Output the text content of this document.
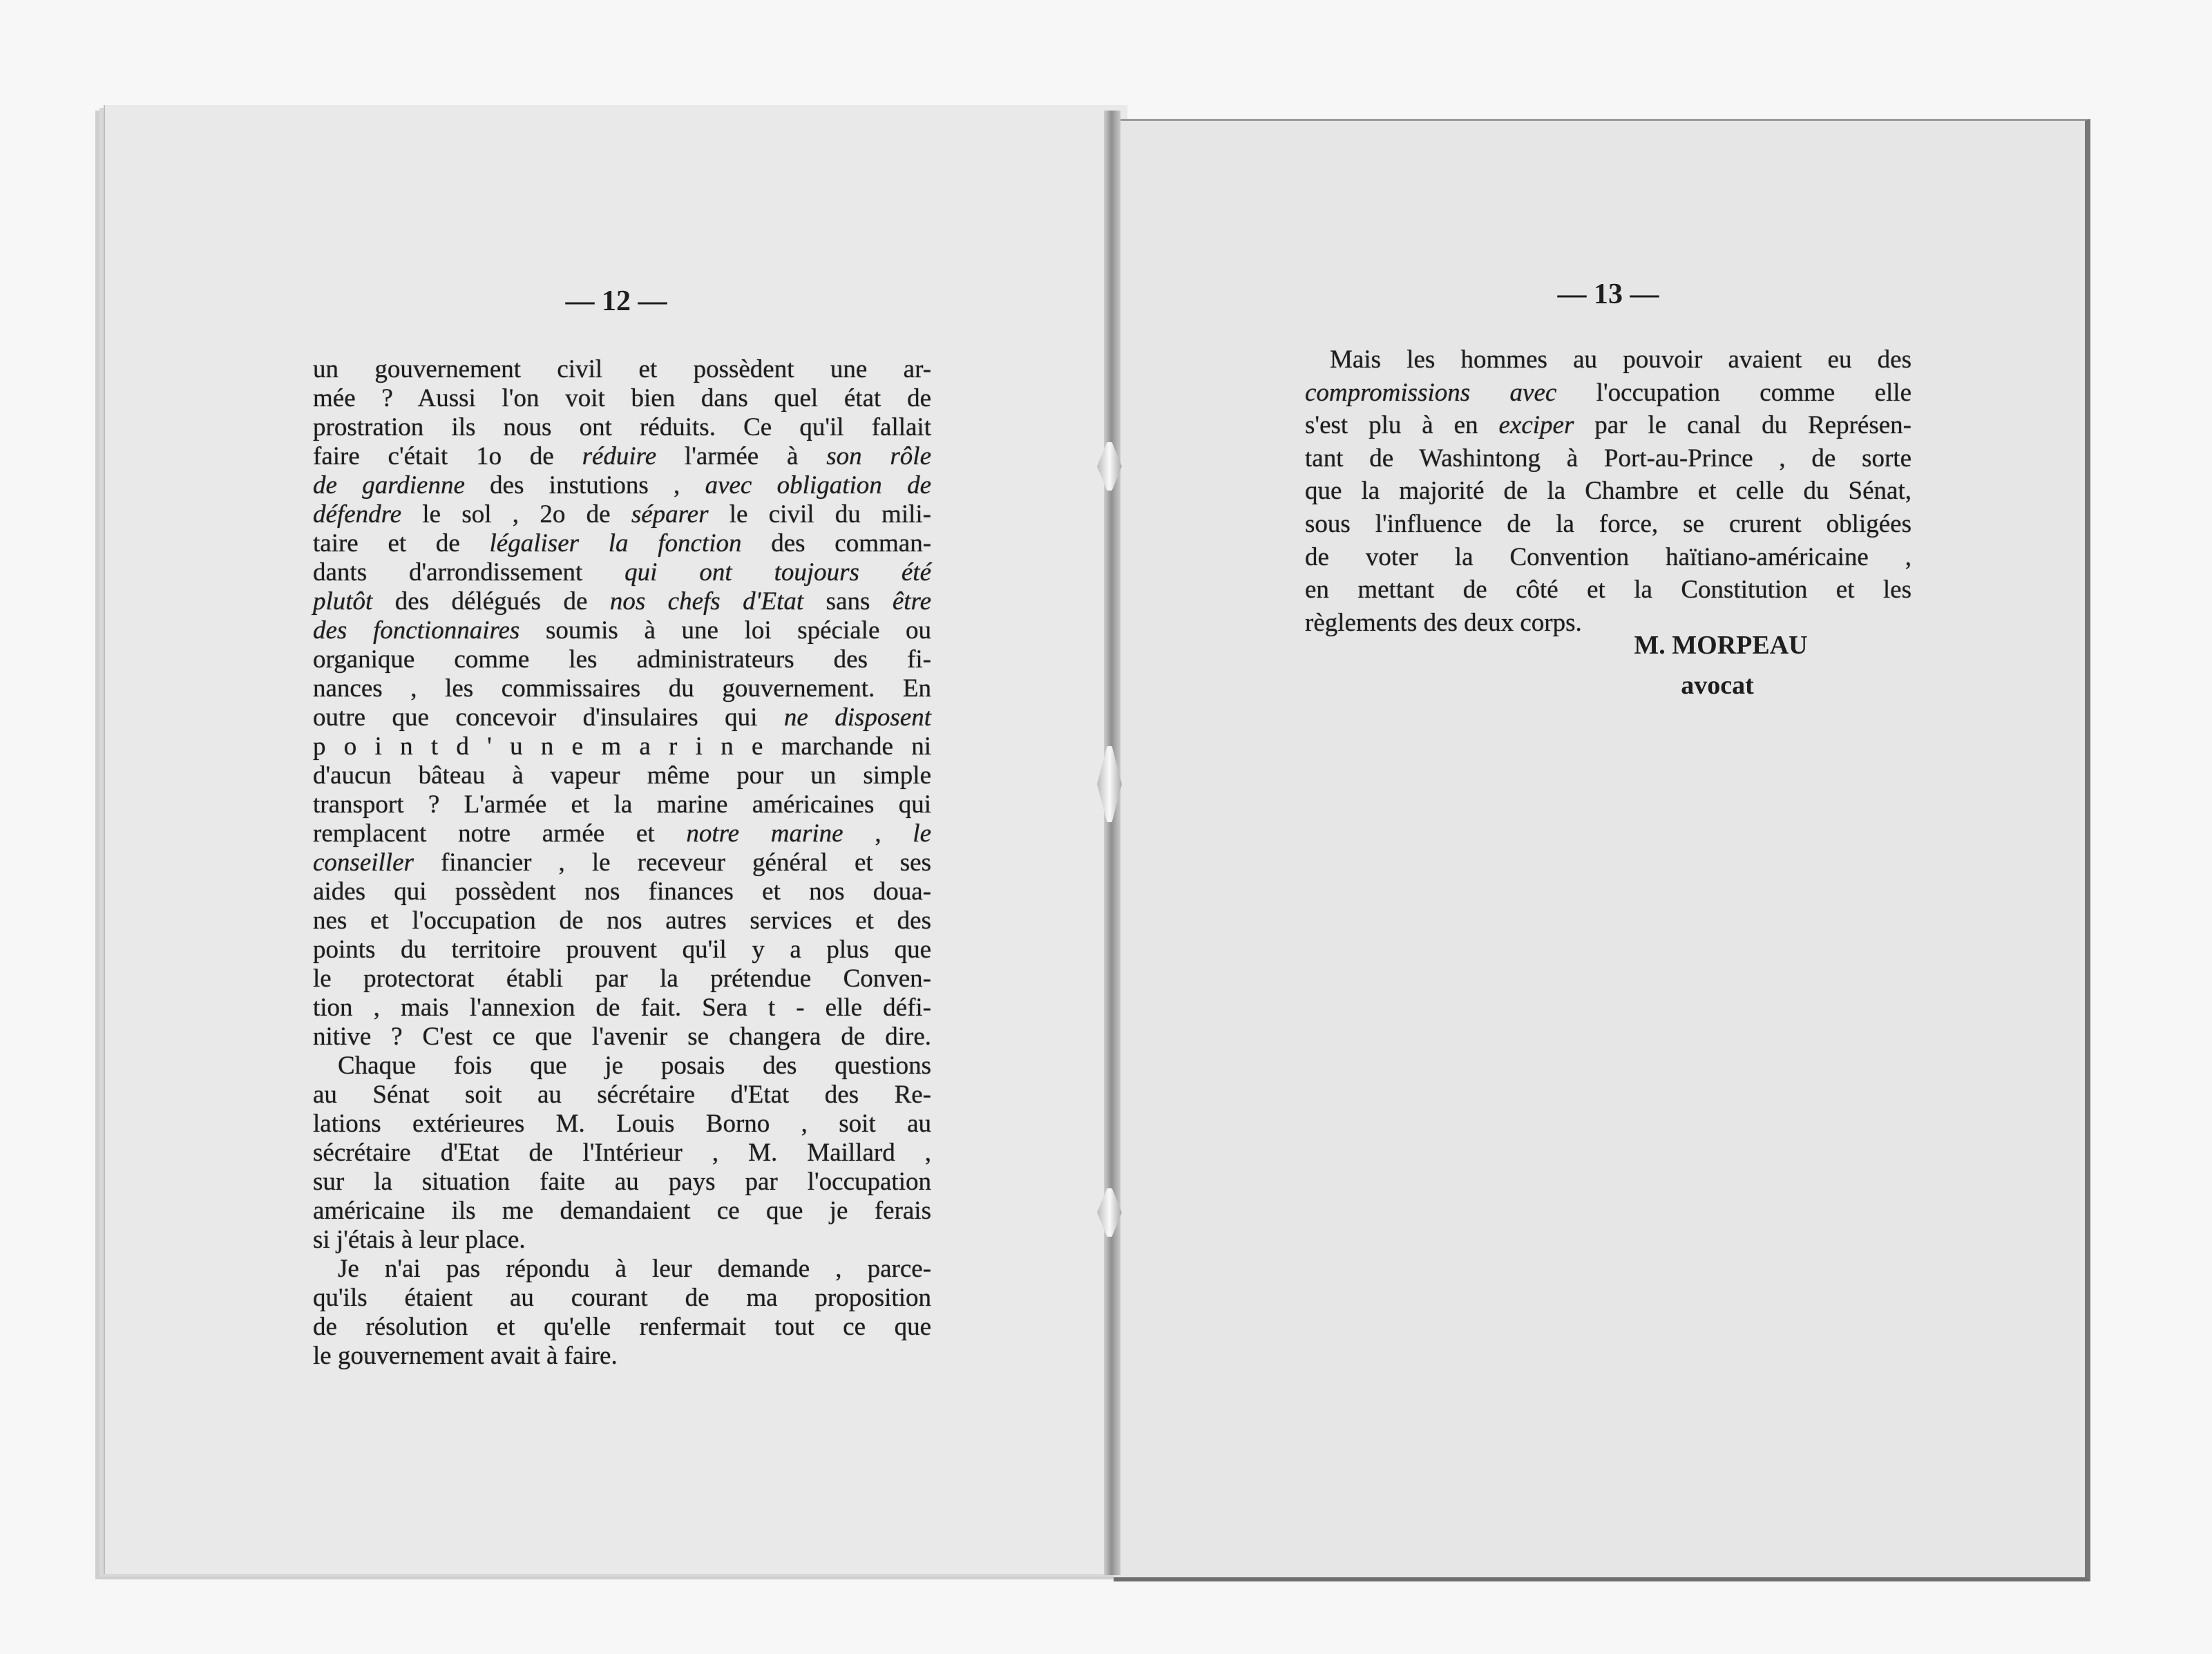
— 12 —
un gouvernement civil et possèdent une ar-
mée ? Aussi l'on voit bien dans quel état de
prostration ils nous ont réduits. Ce qu'il fallait
faire c'était 1o de réduire l'armée à son rôle
de gardienne des instutions , avec obligation de
défendre le sol , 2o de séparer le civil du mili-
taire et de légaliser la fonction des comman-
dants d'arrondissement qui ont toujours été
plutôt des délégués de nos chefs d'Etat sans être
des fonctionnaires soumis à une loi spéciale ou
organique comme les administrateurs des fi-
nances , les commissaires du gouvernement. En
outre que concevoir d'insulaires qui ne disposent
p o i n t d ' u n e m a r i n e marchande ni
d'aucun bâteau à vapeur même pour un simple
transport ? L'armée et la marine américaines qui
remplacent notre armée et notre marine , le
conseiller financier , le receveur général et ses
aides qui possèdent nos finances et nos doua-
nes et l'occupation de nos autres services et des
points du territoire prouvent qu'il y a plus que
le protectorat établi par la prétendue Conven-
tion , mais l'annexion de fait. Sera t - elle défi-
nitive ? C'est ce que l'avenir se changera de dire.
Chaque fois que je posais des questions
au Sénat soit au sécrétaire d'Etat des Re-
lations extérieures M. Louis Borno , soit au
sécrétaire d'Etat de l'Intérieur , M. Maillard ,
sur la situation faite au pays par l'occupation
américaine ils me demandaient ce que je ferais
si j'étais à leur place.
Je n'ai pas répondu à leur demande , parce-
qu'ils étaient au courant de ma proposition
de résolution et qu'elle renfermait tout ce que
le gouvernement avait à faire.
— 13 —
Mais les hommes au pouvoir avaient eu des
compromissions avec l'occupation comme elle
s'est plu à en exciper par le canal du Représen-
tant de Washintong à Port-au-Prince , de sorte
que la majorité de la Chambre et celle du Sénat,
sous l'influence de la force, se crurent obligées
de voter la Convention haïtiano-américaine ,
en mettant de côté et la Constitution et les
règlements des deux corps.
M. MORPEAU
avocat
